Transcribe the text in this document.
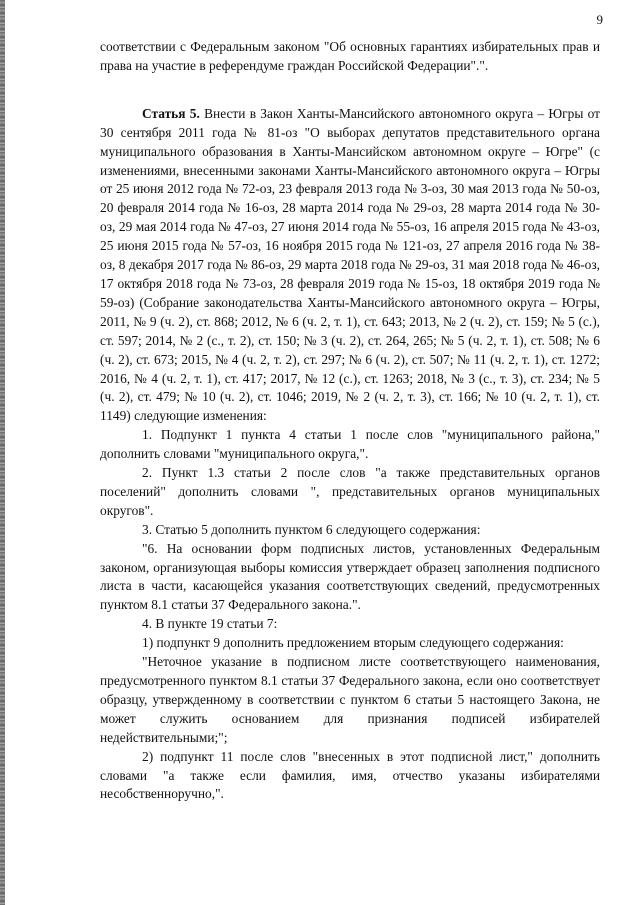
9

соответствии с Федеральным законом "Об основных гарантиях избирательных прав и права на участие в референдуме граждан Российской Федерации".".

Статья 5. Внести в Закон Ханты-Мансийского автономного округа – Югры от 30 сентября 2011 года № 81-оз "О выборах депутатов представительного органа муниципального образования в Ханты-Мансийском автономном округе – Югре" (с изменениями, внесенными законами Ханты-Мансийского автономного округа – Югры от 25 июня 2012 года № 72-оз, 23 февраля 2013 года № 3-оз, 30 мая 2013 года № 50-оз, 20 февраля 2014 года № 16-оз, 28 марта 2014 года № 29-оз, 28 марта 2014 года № 30-оз, 29 мая 2014 года № 47-оз, 27 июня 2014 года № 55-оз, 16 апреля 2015 года № 43-оз, 25 июня 2015 года № 57-оз, 16 ноября 2015 года № 121-оз, 27 апреля 2016 года № 38-оз, 8 декабря 2017 года № 86-оз, 29 марта 2018 года № 29-оз, 31 мая 2018 года № 46-оз, 17 октября 2018 года № 73-оз, 28 февраля 2019 года № 15-оз, 18 октября 2019 года № 59-оз) (Собрание законодательства Ханты-Мансийского автономного округа – Югры, 2011, № 9 (ч. 2), ст. 868; 2012, № 6 (ч. 2, т. 1), ст. 643; 2013, № 2 (ч. 2), ст. 159; № 5 (с.), ст. 597; 2014, № 2 (с., т. 2), ст. 150; № 3 (ч. 2), ст. 264, 265; № 5 (ч. 2, т. 1), ст. 508; № 6 (ч. 2), ст. 673; 2015, № 4 (ч. 2, т. 2), ст. 297; № 6 (ч. 2), ст. 507; № 11 (ч. 2, т. 1), ст. 1272; 2016, № 4 (ч. 2, т. 1), ст. 417; 2017, № 12 (с.), ст. 1263; 2018, № 3 (с., т. 3), ст. 234; № 5 (ч. 2), ст. 479; № 10 (ч. 2), ст. 1046; 2019, № 2 (ч. 2, т. 3), ст. 166; № 10 (ч. 2, т. 1), ст. 1149) следующие изменения:

1. Подпункт 1 пункта 4 статьи 1 после слов "муниципального района," дополнить словами "муниципального округа,".

2. Пункт 1.3 статьи 2 после слов "а также представительных органов поселений" дополнить словами ", представительных органов муниципальных округов".

3. Статью 5 дополнить пунктом 6 следующего содержания:

"6. На основании форм подписных листов, установленных Федеральным законом, организующая выборы комиссия утверждает образец заполнения подписного листа в части, касающейся указания соответствующих сведений, предусмотренных пунктом 8.1 статьи 37 Федерального закона.".

4. В пункте 19 статьи 7:

1) подпункт 9 дополнить предложением вторым следующего содержания:

"Неточное указание в подписном листе соответствующего наименования, предусмотренного пунктом 8.1 статьи 37 Федерального закона, если оно соответствует образцу, утвержденному в соответствии с пунктом 6 статьи 5 настоящего Закона, не может служить основанием для признания подписей избирателей недействительными;";

2) подпункт 11 после слов "внесенных в этот подписной лист," дополнить словами "а также если фамилия, имя, отчество указаны избирателями несобственноручно,".
